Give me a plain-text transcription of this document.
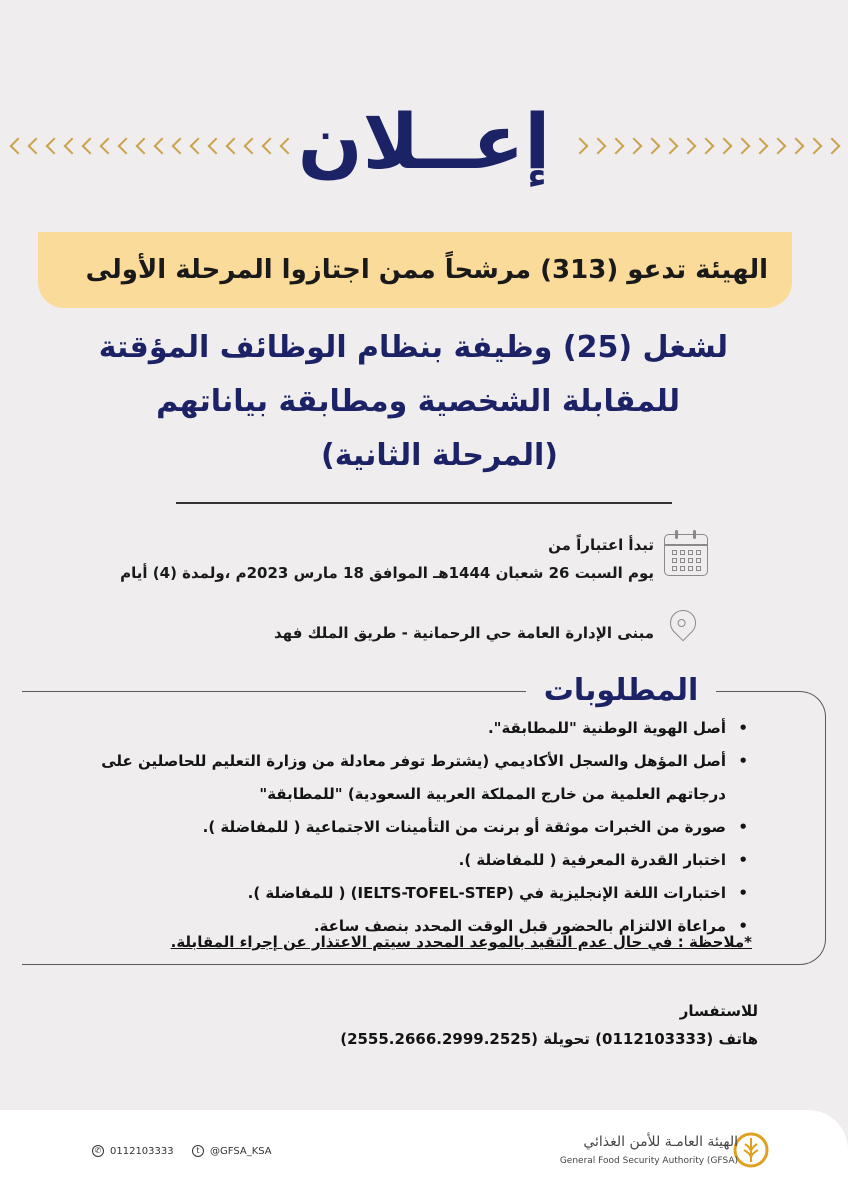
إعــلان
الهيئة تدعو (313) مرشحاً ممن اجتازوا المرحلة الأولى
لشغل (25) وظيفة بنظام الوظائف المؤقتة
للمقابلة الشخصية ومطابقة بياناتهم
(المرحلة الثانية)
تبدأ اعتباراً من
يوم السبت 26 شعبان 1444هـ الموافق 18 مارس 2023م ،ولمدة (4) أيام
مبنى الإدارة العامة حي الرحمانية - طريق الملك فهد
المطلوبات
• أصل الهوية الوطنية "للمطابقة".
• أصل المؤهل والسجل الأكاديمي (يشترط توفر معادلة من وزارة التعليم للحاصلين على درجاتهم العلمية من خارج المملكة العربية السعودية) "للمطابقة"
• صورة من الخبرات موثقة أو برنت من التأمينات الاجتماعية ( للمفاضلة ).
• اختبار القدرة المعرفية ( للمفاضلة ).
• اختبارات اللغة الإنجليزية في (IELTS-TOFEL-STEP) ( للمفاضلة ).
• مراعاة الالتزام بالحضور قبل الوقت المحدد بنصف ساعة.
*ملاحظة : في حال عدم التقيد بالموعد المحدد سيتم الاعتذار عن إجراء المقابلة.
للاستفسار
هاتف (0112103333) تحويلة (2555.2666.2999.2525)
✆ 0112103333	t	@GFSA_KSA
الهيئة العامـة للأمن الغذائي
General Food Security Authority (GFSA)
